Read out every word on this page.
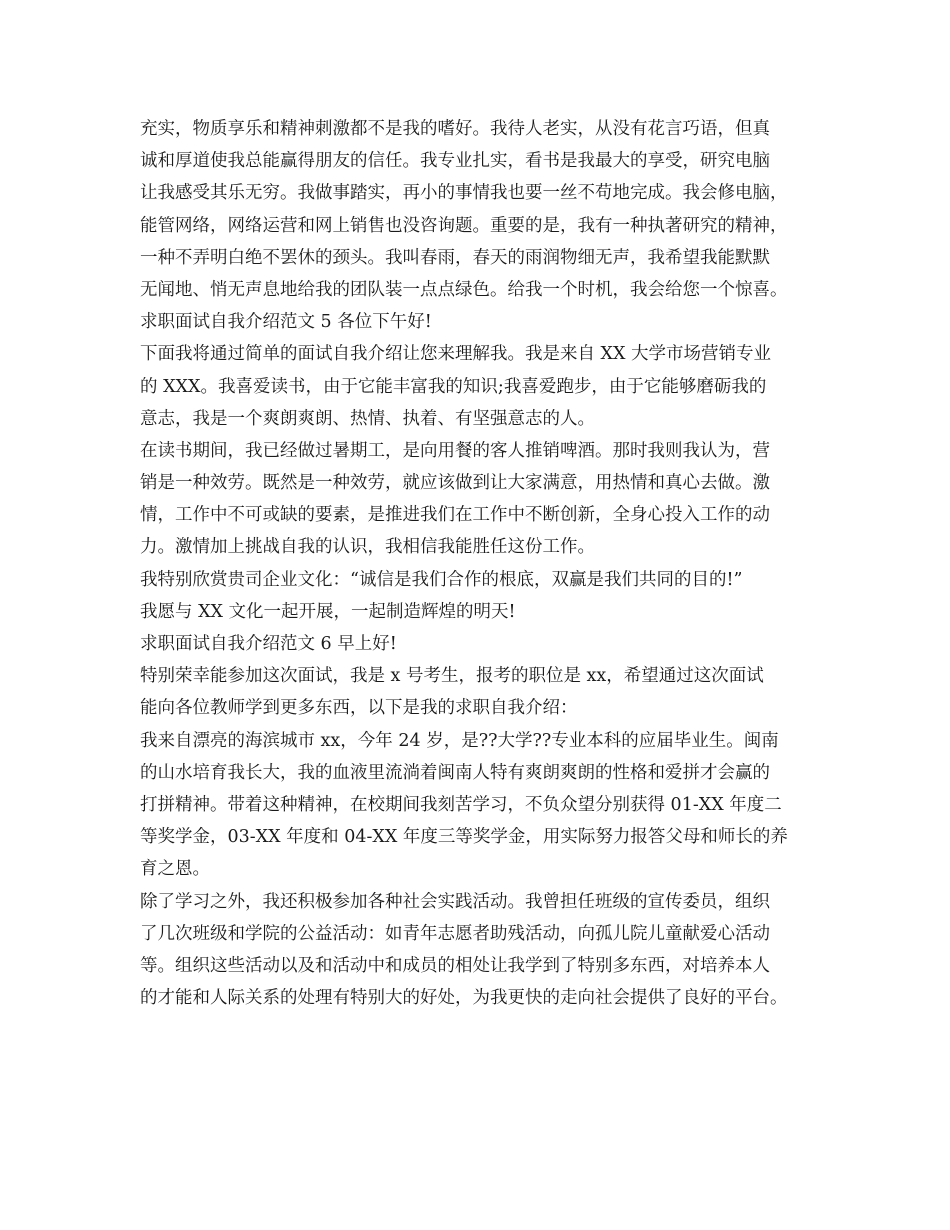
充实，物质享乐和精神刺激都不是我的嗜好。我待人老实，从没有花言巧语，但真
诚和厚道使我总能赢得朋友的信任。我专业扎实，看书是我最大的享受，研究电脑
让我感受其乐无穷。我做事踏实，再小的事情我也要一丝不苟地完成。我会修电脑，
能管网络，网络运营和网上销售也没咨询题。重要的是，我有一种执著研究的精神，
一种不弄明白绝不罢休的颈头。我叫春雨，春天的雨润物细无声，我希望我能默默
无闻地、悄无声息地给我的团队装一点点绿色。给我一个时机，我会给您一个惊喜。
求职面试自我介绍范文 5 各位下午好!
下面我将通过简单的面试自我介绍让您来理解我。我是来自 XX 大学市场营销专业
的 XXX。我喜爱读书，由于它能丰富我的知识;我喜爱跑步，由于它能够磨砺我的
意志，我是一个爽朗爽朗、热情、执着、有坚强意志的人。
在读书期间，我已经做过暑期工，是向用餐的客人推销啤酒。那时我则我认为，营
销是一种效劳。既然是一种效劳，就应该做到让大家满意，用热情和真心去做。激
情，工作中不可或缺的要素，是推进我们在工作中不断创新，全身心投入工作的动
力。激情加上挑战自我的认识，我相信我能胜任这份工作。
我特别欣赏贵司企业文化：“诚信是我们合作的根底，双赢是我们共同的目的!”
我愿与 XX 文化一起开展，一起制造辉煌的明天!
求职面试自我介绍范文 6 早上好!
特别荣幸能参加这次面试，我是 x 号考生，报考的职位是 xx，希望通过这次面试
能向各位教师学到更多东西，以下是我的求职自我介绍：
我来自漂亮的海滨城市 xx，今年 24 岁，是??大学??专业本科的应届毕业生。闽南
的山水培育我长大，我的血液里流淌着闽南人特有爽朗爽朗的性格和爱拼才会赢的
打拼精神。带着这种精神，在校期间我刻苦学习，不负众望分别获得 01-XX 年度二
等奖学金，03-XX 年度和 04-XX 年度三等奖学金，用实际努力报答父母和师长的养
育之恩。
除了学习之外，我还积极参加各种社会实践活动。我曾担任班级的宣传委员，组织
了几次班级和学院的公益活动：如青年志愿者助残活动，向孤儿院儿童献爱心活动
等。组织这些活动以及和活动中和成员的相处让我学到了特别多东西，对培养本人
的才能和人际关系的处理有特别大的好处，为我更快的走向社会提供了良好的平台。
